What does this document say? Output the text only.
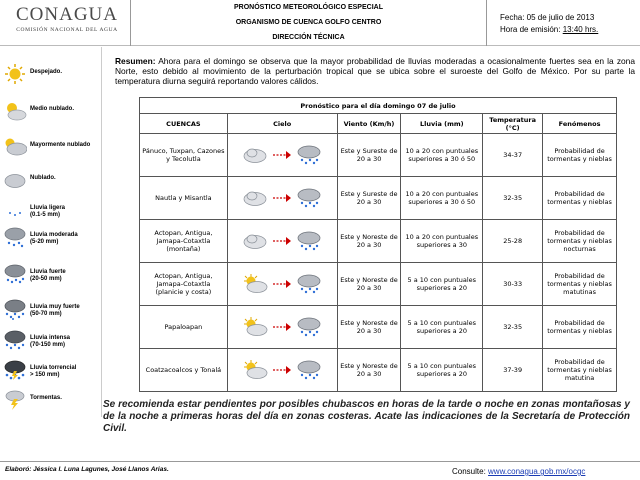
CONAGUA
COMISIÓN NACIONAL DEL AGUA
PRONÓSTICO METEOROLÓGICO ESPECIAL
ORGANISMO DE CUENCA GOLFO CENTRO
DIRECCIÓN TÉCNICA
Fecha: 05 de julio de 2013
Hora de emisión: 13:40 hrs.
Despejado.
Medio nublado.
Mayormente nublado
Nublado.
Lluvia ligera
(0.1-5 mm)
Lluvia moderada
(5-20 mm)
Lluvia fuerte
(20-50 mm)
Lluvia muy fuerte
(50-70 mm)
Lluvia intensa
(70-150 mm)
Lluvia torrencial
> 150 mm)
Tormentas.
Resumen: Ahora para el domingo se observa que la mayor probabilidad de lluvias moderadas a ocasionalmente fuertes sea en la zona Norte, esto debido al movimiento de la perturbación tropical que se ubica sobre el suroeste del Golfo de México. Por su parte la temperatura diurna seguirá reportando valores cálidos.
Pronóstico para el día domingo 07 de julio					
CUENCAS	Cielo	Viento (Km/h)	Lluvia (mm)	Temperatura (°C)	Fenómenos
Pánuco, Tuxpan, Cazones y Tecolutla		Este y Sureste de 20 a 30	10 a 20 con puntuales superiores a 30 ó 50	34-37	Probabilidad de tormentas y nieblas
Nautla y Misantla		Este y Sureste de 20 a 30	10 a 20 con puntuales superiores a 30 ó 50	32-35	Probabilidad de tormentas y nieblas
Actopan, Antigua, Jamapa-Cotaxtla (montaña)		Este y Noreste de 20 a 30	10 a 20 con puntuales superiores a 30	25-28	Probabilidad de tormentas y nieblas nocturnas
Actopan, Antigua, Jamapa-Cotaxtla (planicie y costa)		Este y Noreste de 20 a 30	5 a 10 con puntuales superiores a 20	30-33	Probabilidad de tormentas y nieblas matutinas
Papaloapan		Este y Noreste de 20 a 30	5 a 10 con puntuales superiores a 20	32-35	Probabilidad de tormentas y nieblas
Coatzacoalcos y Tonalá		Este y Noreste de 20 a 30	5 a 10 con puntuales superiores a 20	37-39	Probabilidad de tormentas y nieblas matutina
Se recomienda estar pendientes por posibles chubascos en horas de la tarde o noche en zonas montañosas y de la noche a primeras horas del día en zonas costeras. Acate las indicaciones de la Secretaría de Protección Civil.
Elaboró: Jéssica I. Luna Lagunes, José Llanos Arias.	Consulte: www.conagua.gob.mx/ocgc
